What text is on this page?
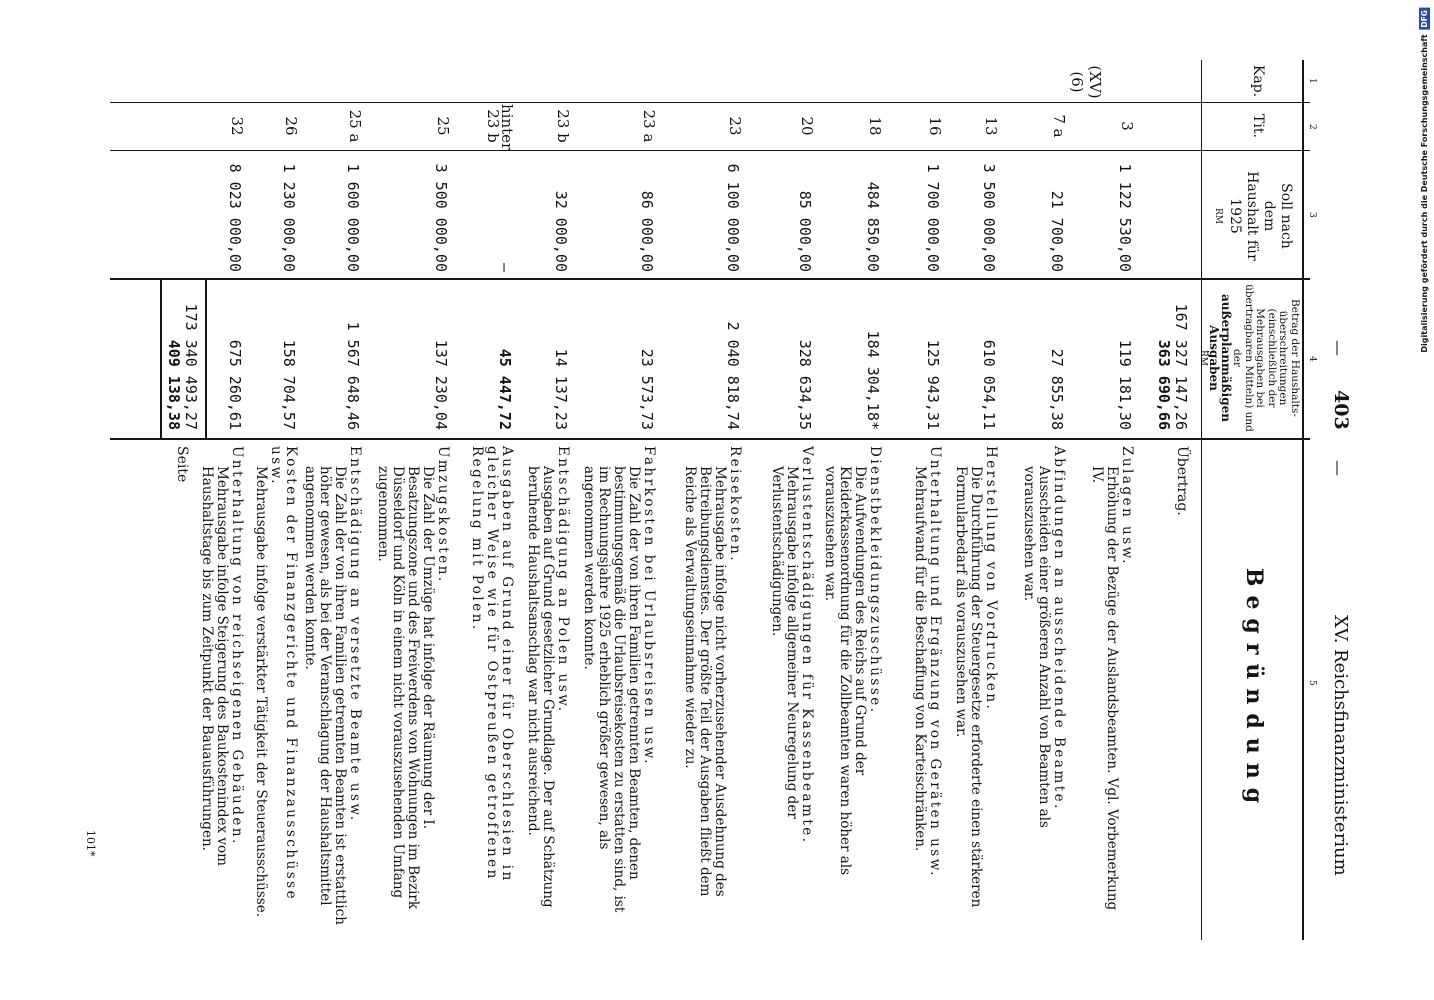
—
403
—
XV. Reichsfinanzministerium
1
2
3
4
5
Kap.
Tit.
Soll nach dem Haushalt für 1925
RM
Betrag der Haushalts-überschreitungen
(einschließlich der Mehrausgaben bei übertragbaren Mitteln) und der
außerplanmäßigen Ausgaben
RM
Begründung
(XV) (6)
167 327 147,26
363 690,66
Übertrag.
3
1 122 530,00
119 181,30
Zulagen usw.
Erhöhung der Bezüge der Auslandsbeamten. Vgl. Vorbemerkung IV.
7 a
21 700,00
27 855,38
Abfindungen an ausscheidende Beamte.
Ausscheiden einer größeren Anzahl von Beamten als vorauszusehen war.
13
3 500 000,00
610 054,11
Herstellung von Vordrucken.
Die Durchführung der Steuergesetze erforderte einen stärkeren Formularbedarf als vorauszusehen war.
16
1 700 000,00
125 943,31
Unterhaltung und Ergänzung von Geräten usw.
Mehraufwand für die Beschaffung von Karteischränken.
18
484 850,00
184 304,18*
Dienstbekleidungszuschüsse.
Die Aufwendungen des Reichs auf Grund der Kleiderkassenordnung für die Zollbeamten waren höher als vorauszusehen war.
20
85 000,00
328 634,35
Verlustentschädigungen für Kassenbeamte.
Mehrausgabe infolge allgemeiner Neuregelung der Verlustentschädigungen.
23
6 100 000,00
2 040 818,74
Reisekosten.
Mehrausgabe infolge nicht vorherzusehender Ausdehnung des Beitreibungsdienstes. Der größte Teil der Ausgaben fließt dem Reiche als Verwaltungseinnahme wieder zu.
23 a
86 000,00
23 573,73
Fahrkosten bei Urlaubsreisen usw.
Die Zahl der von ihren Familien getrennten Beamten, denen bestimmungsgemäß die Urlaubsreisekosten zu erstatten sind, ist im Rechnungsjahre 1925 erheblich größer gewesen, als angenommen werden konnte.
23 b
32 000,00
14 137,23
Entschädigung an Polen usw.
Ausgaben auf Grund gesetzlicher Grundlage. Der auf Schätzung beruhende Haushaltsanschlag war nicht ausreichend.
hinter 23 b
—
45 447,72
Ausgaben auf Grund einer für Oberschlesien in gleicher Weise wie für Ostpreußen getroffenen Regelung mit Polen.
25
3 500 000,00
137 230,04
Umzugskosten.
Die Zahl der Umzüge hat infolge der Räumung der I. Besatzungszone und des Freiwerdens von Wohnungen im Bezirk Düsseldorf und Köln in einem nicht vorauszusehenden Umfang zugenommen.
25 a
1 600 000,00
1 567 648,46
Entschädigung an versetzte Beamte usw.
Die Zahl der von ihren Familien getrennten Beamten ist erstattlich höher gewesen, als bei der Veranschlagung der Haushaltsmittel angenommen werden konnte.
26
1 230 000,00
158 704,57
Kosten der Finanzgerichte und Finanzausschüsse usw.
Mehrausgabe infolge verstärkter Tätigkeit der Steuerausschüsse.
32
8 023 000,00
675 260,61
Unterhaltung von reichseigenen Gebäuden.
Mehrausgabe infolge Steigerung des Baukostenindex vom Haushaltstage bis zum Zeitpunkt der Bauausführungen.
173 340 493,27
409 138,38
Seite
101*
Digitalisierung gefördert durch die Deutsche Forschungsgemeinschaft DFG
